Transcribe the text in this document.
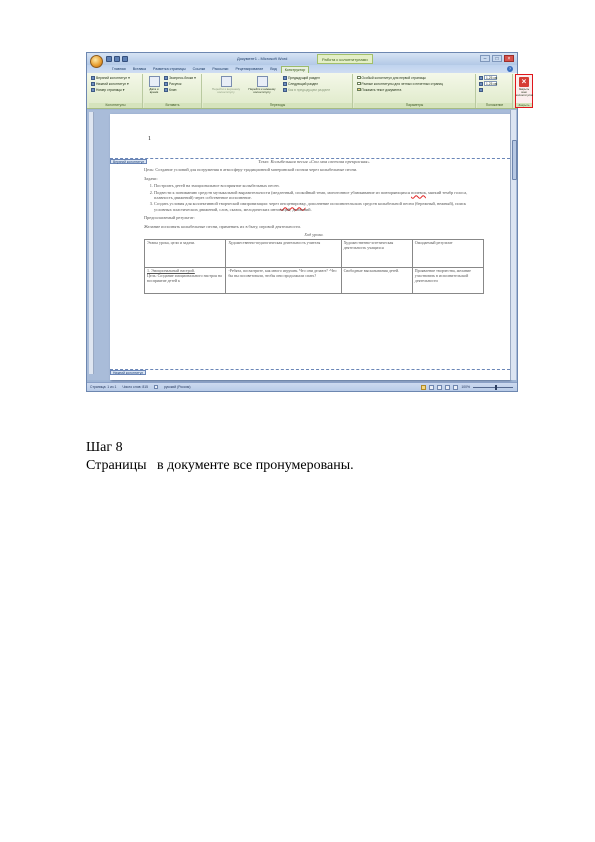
Документ1 - Microsoft Word	Работа с колонтитулами	–	□	×
Главная	Вставка	Разметка страницы	Ссылки	Рассылки	Рецензирование	Вид	Конструктор	?
Верхний колонтитул ▾
Нижний колонтитул ▾
Номер страницы ▾
Колонтитулы
Дата и время
Экспресс-блоки ▾
Рисунок
Клип
Вставить
Перейти к верхнему колонтитулу
Перейти к нижнему колонтитулу
Предыдущий раздел
Следующий раздел
Как в предыдущем разделе
Переходы
Особый колонтитул для первой страницы
Разные колонтитулы для четных и нечетных страниц
Показать текст документа
Параметры
1,25 см
1,25 см
Положение
×
Закрыть окно колонтитулов
Закрыть
1
Верхний колонтитул	Тема: Колыбельная песня «Спи моя светлая прекрасная»
Цель: Создание условий для погружения в атмосферу традиционной материнской поэзии через колыбельные песни.
Задачи:
1. Построить детей на эмоциональное восприятие колыбельных песен.
2. Подвести к пониманию средств музыкальной выразительности (медленный, спокойный темп, монотонное убаюкивание из повторяющихся попевок, мягкий тембр голоса, плавность движений) через собственное исполнение.
3. Создать условия для коллективной творческой импровизации: через инсценировку, дополнение исполнительских средств колыбельной песни (бережный, нежный), поиск условных пластических движений, слов, сказок, мелодических интонаций, движений.
Предполагаемый результат:
Желание исполнять колыбельные песни, применять их в быту, игровой деятельности.
Ход урока.
Этапы урока, цели и задачи.	Художественно-педагогическая деятельность учителя	Художественно-эстетическая деятельность учащихся	Ожидаемый результат

1. Эмоциональный настрой.
Цель: Создание эмоционального настроя на восприятие детей к	-Ребята, посмотрите, как много игрушек. Что они делают? -Что бы вы посоветовали, чтобы они продолжали спать?	Свободные высказывания детей.	Проявление творчества, желание участвовать в исполнительской деятельности
Нижний колонтитул
Страница: 1 из 1 Число слов: 815	русский (Россия)	100%
Шаг 8
Страницы   в документе все пронумерованы.
